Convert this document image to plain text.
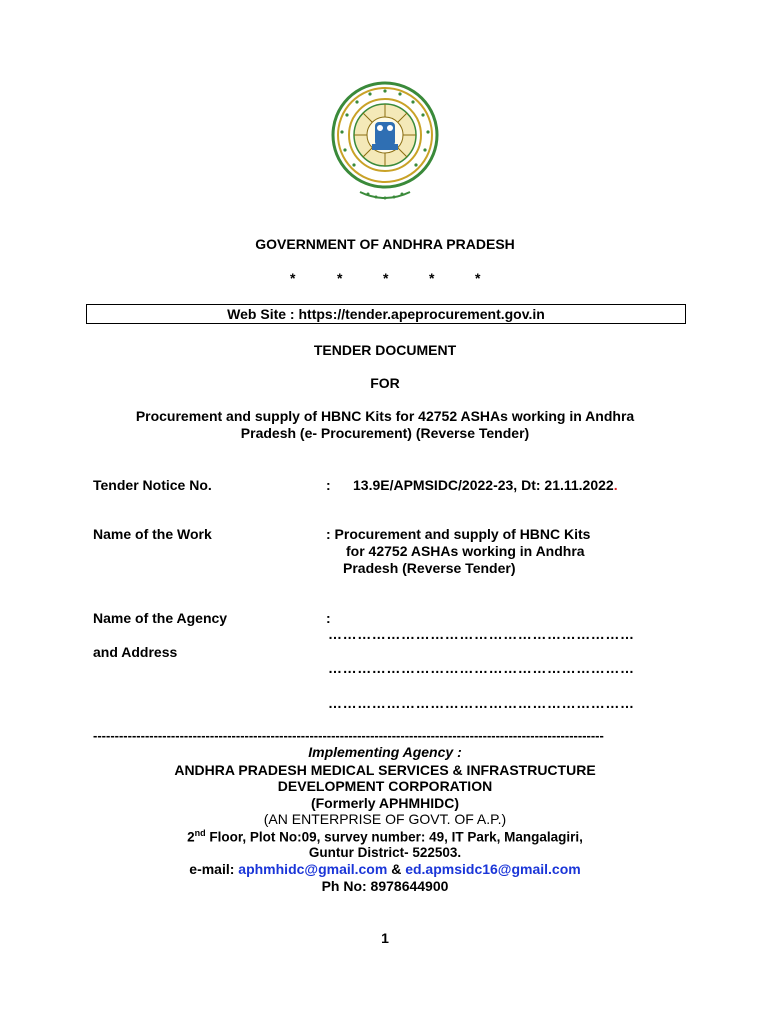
GOVERNMENT OF ANDHRA PRADESH
*	*	*	*	*
Web Site : https://tender.apeprocurement.gov.in
TENDER DOCUMENT
FOR
Procurement and supply of HBNC Kits for 42752 ASHAs working in Andhra
Pradesh (e- Procurement) (Reverse Tender)
Tender Notice No.	: 13.9E/APMSIDC/2022-23, Dt: 21.11.2022.
Name of the Work	: Procurement and supply of HBNC Kits
for 42752 ASHAs working in Andhra
Pradesh (Reverse Tender)
Name of the Agency	:
………………………………………………………
and Address
………………………………………………………
………………………………………………………
----------------------------------------------------------------------------------------------------------------------
Implementing Agency :
ANDHRA PRADESH MEDICAL SERVICES & INFRASTRUCTURE
DEVELOPMENT CORPORATION
(Formerly APHMHIDC)
(AN ENTERPRISE OF GOVT. OF A.P.)
2nd Floor, Plot No:09, survey number: 49, IT Park, Mangalagiri,
Guntur District- 522503.
e-mail: aphmhidc@gmail.com & ed.apmsidc16@gmail.com
Ph No: 8978644900
1
